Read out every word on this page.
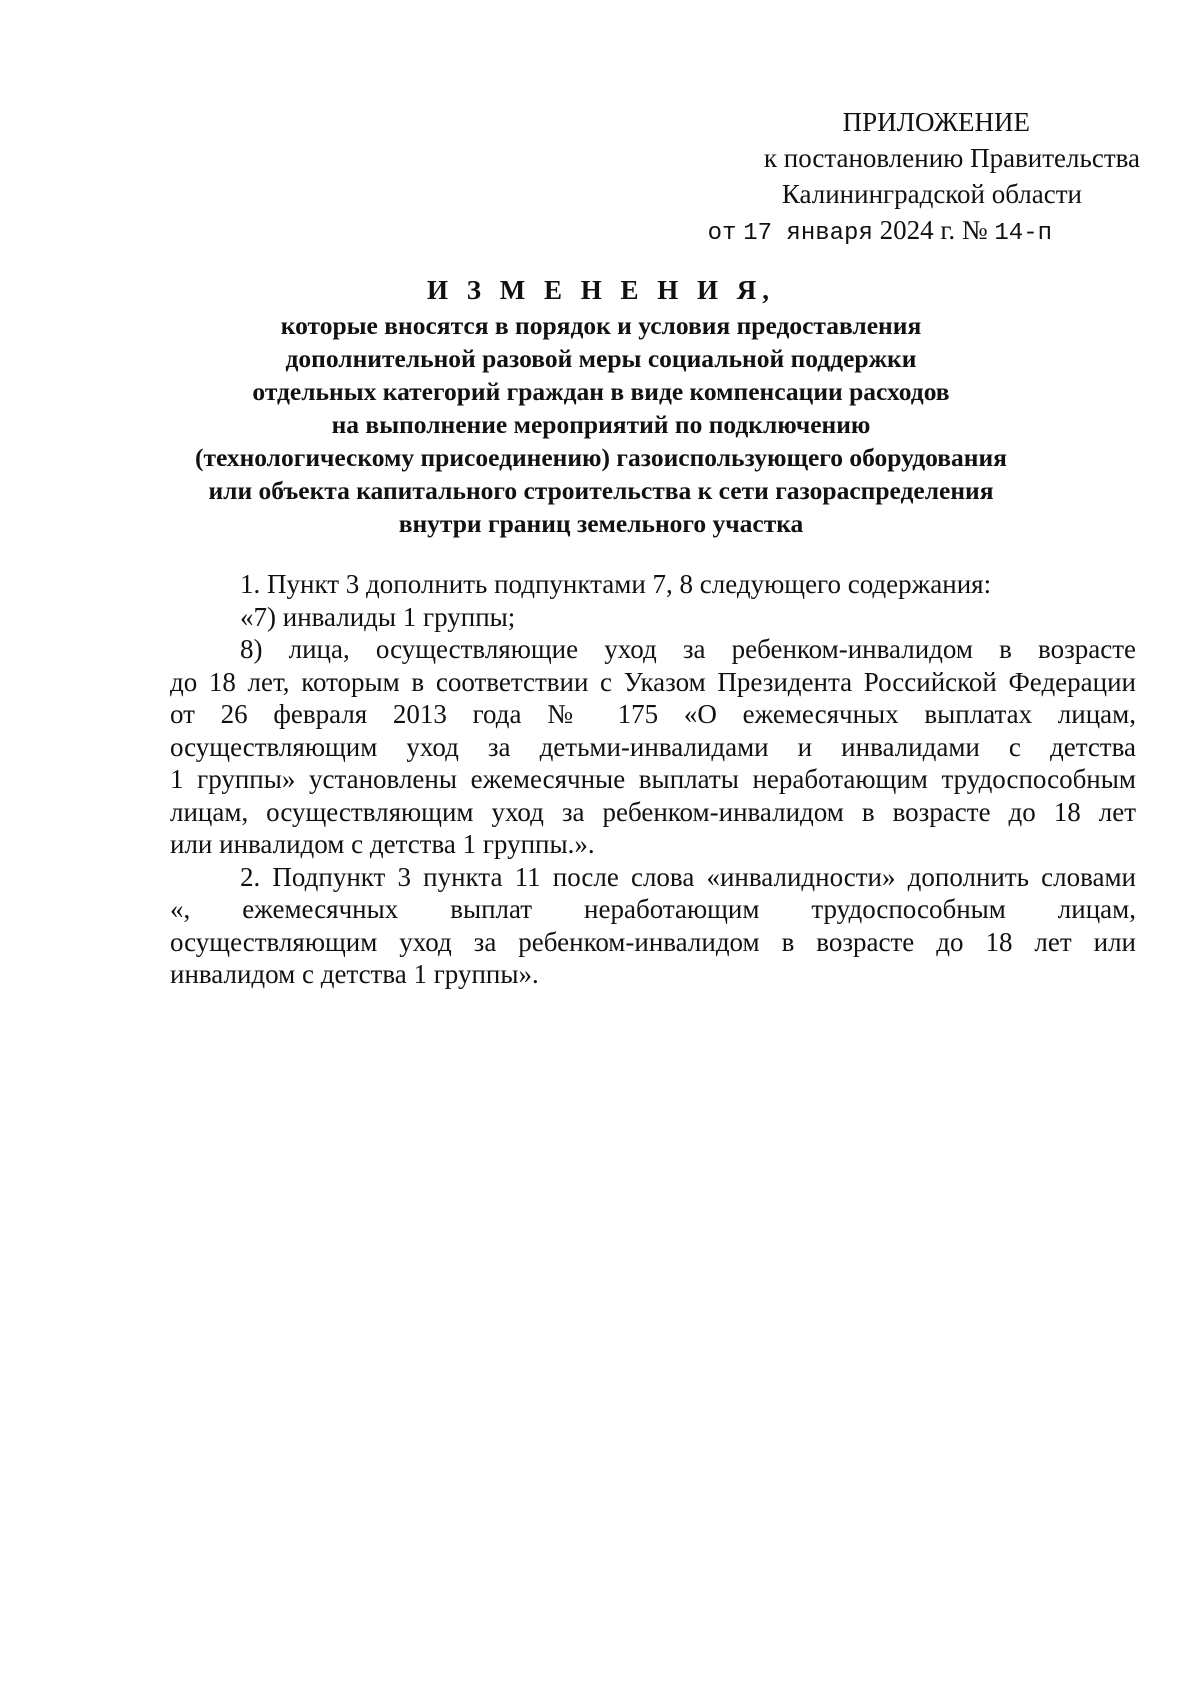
ПРИЛОЖЕНИЕ
к постановлению Правительства
Калининградской области
от 17 января 2024 г. № 14-п
И З М Е Н Е Н И Я,
которые вносятся в порядок и условия предоставления
дополнительной разовой меры социальной поддержки
отдельных категорий граждан в виде компенсации расходов
на выполнение мероприятий по подключению
(технологическому присоединению) газоиспользующего оборудования
или объекта капитального строительства к сети газораспределения
внутри границ земельного участка
1. Пункт 3 дополнить подпунктами 7, 8 следующего содержания:
«7) инвалиды 1 группы;
8) лица, осуществляющие уход за ребенком-инвалидом в возрасте
до 18 лет, которым в соответствии с Указом Президента Российской Федерации
от 26 февраля 2013 года № 175 «О ежемесячных выплатах лицам,
осуществляющим уход за детьми-инвалидами и инвалидами с детства
1 группы» установлены ежемесячные выплаты неработающим трудоспособным
лицам, осуществляющим уход за ребенком-инвалидом в возрасте до 18 лет
или инвалидом с детства 1 группы.».
2. Подпункт 3 пункта 11 после слова «инвалидности» дополнить словами
«, ежемесячных выплат неработающим трудоспособным лицам,
осуществляющим уход за ребенком-инвалидом в возрасте до 18 лет или
инвалидом с детства 1 группы».
